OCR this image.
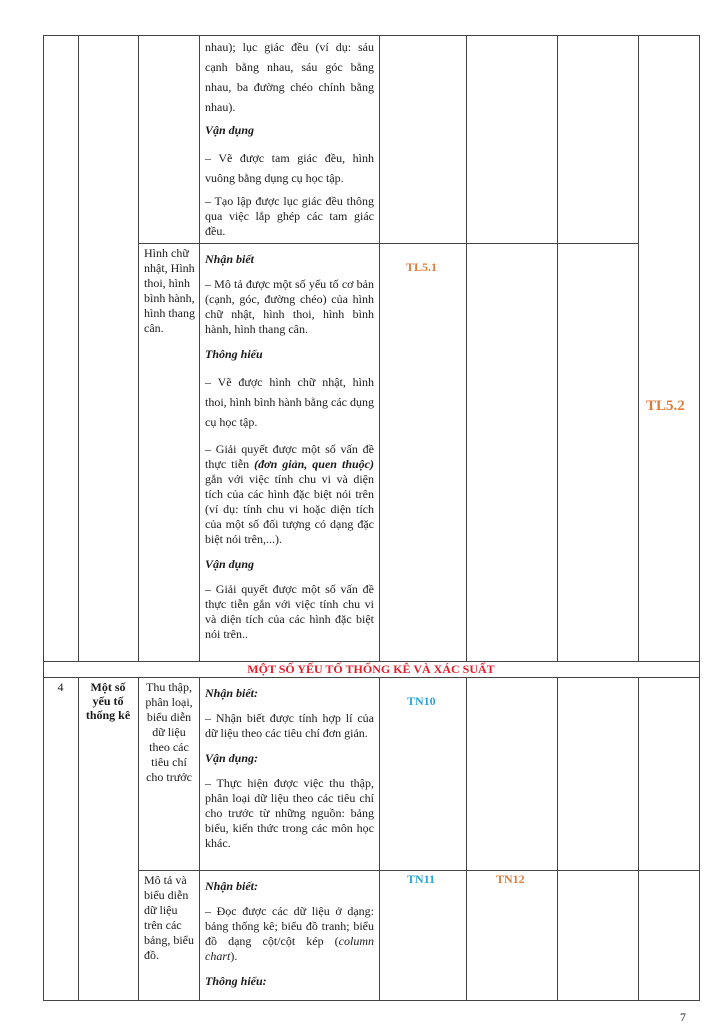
nhau); lục giác đều (ví dụ: sáu cạnh bằng nhau, sáu góc bằng nhau, ba đường chéo chính bằng nhau).

Vận dụng

– Vẽ được tam giác đều, hình vuông bằng dụng cụ học tập.

– Tạo lập được lục giác đều thông qua việc lắp ghép các tam giác đều.

Hình chữ nhật, Hình thoi, hình bình hành, hình thang cân.

Nhận biết

– Mô tả được một số yếu tố cơ bản (cạnh, góc, đường chéo) của hình chữ nhật, hình thoi, hình bình hành, hình thang cân.

Thông hiểu

– Vẽ được hình chữ nhật, hình thoi, hình bình hành bằng các dụng cụ học tập.

– Giải quyết được một số vấn đề thực tiễn (đơn giản, quen thuộc) gắn với việc tính chu vi và diện tích của các hình đặc biệt nói trên (ví dụ: tính chu vi hoặc diện tích của một số đối tượng có dạng đặc biệt nói trên,...).

Vận dụng

– Giải quyết được một số vấn đề thực tiễn gắn với việc tính chu vi và diện tích của các hình đặc biệt nói trên..

TL5.1
TL5.2
MỘT SỐ YẾU TỐ THỐNG KÊ VÀ XÁC SUẤT
4	Một số yếu tố thống kê
Thu thập, phân loại, biểu diễn dữ liệu theo các tiêu chí cho trước

Nhận biết:

– Nhận biết được tính hợp lí của dữ liệu theo các tiêu chí đơn giản.

Vận dụng:

– Thực hiện được việc thu thập, phân loại dữ liệu theo các tiêu chí cho trước từ những nguồn: bảng biểu, kiến thức trong các môn học khác.

TN10
Mô tả và biểu diễn dữ liệu trên các bảng, biểu đồ.

Nhận biết:

– Đọc được các dữ liệu ở dạng: bảng thống kê; biểu đồ tranh; biểu đồ dạng cột/cột kép (column chart).

Thông hiểu:

TN11	TN12
7
